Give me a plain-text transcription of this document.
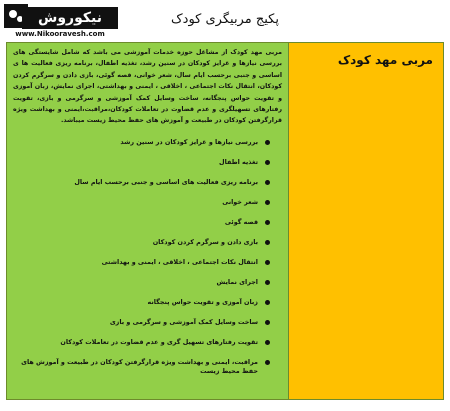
نیکوروش
www.Nikooravesh.com
پکیج مربیگری کودک

مربی مهد کودک از مشاغل حوزه خدمات آموزشی می باشد که شامل شایستگی های بررسی نیازها و غرایز کودکان در سنین رشد، تغذیه اطفال، برنامه ریزی فعالیت ها ی اساسی و جنبی برحسب ایام سال، شعر خوانی، قصه گوئی، بازی دادن و سرگرم کردن کودکان، انتقال نکات اجتماعی ، اخلاقی ، ایمنی و بهداشتی، اجرای نمایش، زبان آموزی و تقویت حواس پنجگانه، ساخت وسایل کمک آموزشی و سرگرمی و بازی، تقویت رفتارهای تسهیلگری و عدم قضاوت در تعاملات کودکان،مراقبت،ایمنی و بهداشت ویژه قرارگرفتن کودکان در طبیعت و آموزش های حفظ محیط زیست میباشد.

بررسی نیازها و غرایز کودکان در سنین رشد
تغذیه اطفال
برنامه ریزی فعالیت های اساسی و جنبی برحسب ایام سال
شعر خوانی
قصه گوئی
بازی دادن و سرگرم کردن کودکان
انتقال نکات اجتماعی ، اخلاقی ، ایمنی و بهداشتی
اجرای نمایش
زبان آموزی و تقویت حواس پنجگانه
ساخت وسایل کمک آموزشی و سرگرمی و بازی
تقویت رفتارهای تسهیل گری و عدم قضاوت در تعاملات کودکان
مراقبت، ایمنی و بهداشت ویژه قرارگرفتن کودکان در طبیعت و آموزش های حفظ محیط زیست
مربی مهد کودک
